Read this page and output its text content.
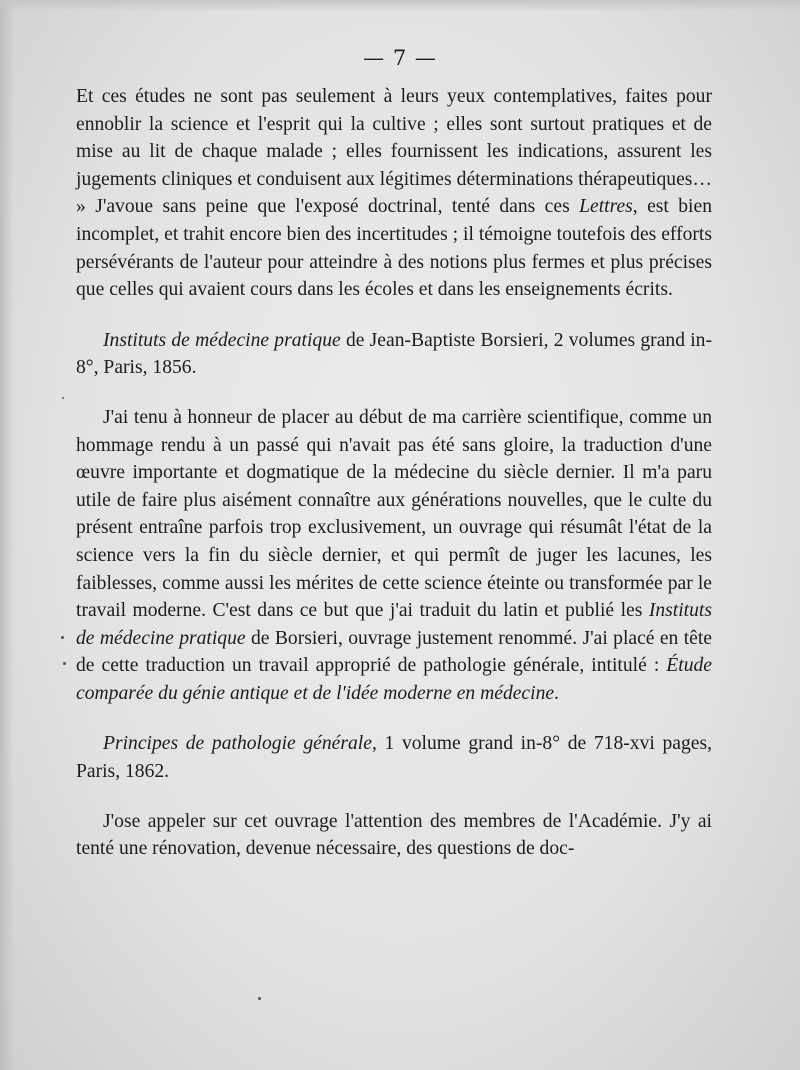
— 7 —

Et ces études ne sont pas seulement à leurs yeux contemplatives, faites pour ennoblir la science et l'esprit qui la cultive ; elles sont surtout pratiques et de mise au lit de chaque malade ; elles fournissent les indications, assurent les jugements cliniques et conduisent aux légitimes déterminations thérapeutiques… » J'avoue sans peine que l'exposé doctrinal, tenté dans ces Lettres, est bien incomplet, et trahit encore bien des incertitudes ; il témoigne toutefois des efforts persévérants de l'auteur pour atteindre à des notions plus fermes et plus précises que celles qui avaient cours dans les écoles et dans les enseignements écrits.

Instituts de médecine pratique de Jean-Baptiste Borsieri, 2 volumes grand in-8°, Paris, 1856.

J'ai tenu à honneur de placer au début de ma carrière scientifique, comme un hommage rendu à un passé qui n'avait pas été sans gloire, la traduction d'une œuvre importante et dogmatique de la médecine du siècle dernier. Il m'a paru utile de faire plus aisément connaître aux générations nouvelles, que le culte du présent entraîne parfois trop exclusivement, un ouvrage qui résumât l'état de la science vers la fin du siècle dernier, et qui permît de juger les lacunes, les faiblesses, comme aussi les mérites de cette science éteinte ou transformée par le travail moderne. C'est dans ce but que j'ai traduit du latin et publié les Instituts de médecine pratique de Borsieri, ouvrage justement renommé. J'ai placé en tête de cette traduction un travail approprié de pathologie générale, intitulé : Étude comparée du génie antique et de l'idée moderne en médecine.

Principes de pathologie générale, 1 volume grand in-8° de 718-xvi pages, Paris, 1862.

J'ose appeler sur cet ouvrage l'attention des membres de l'Académie. J'y ai tenté une rénovation, devenue nécessaire, des questions de doc-
